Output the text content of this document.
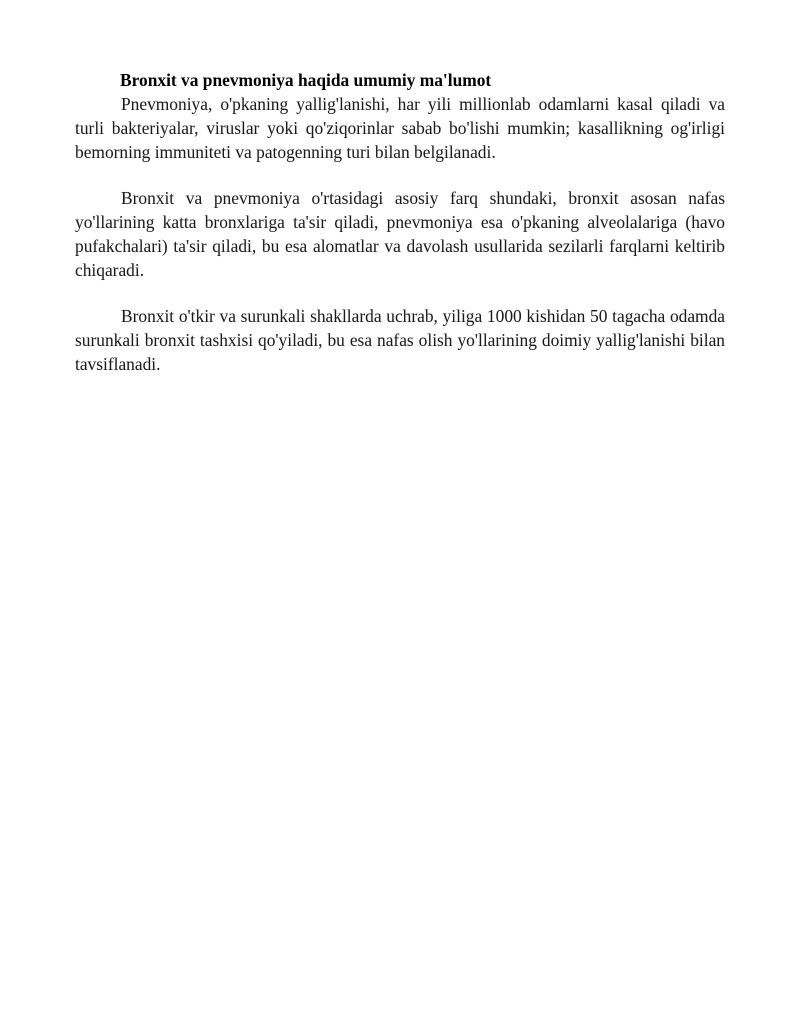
Bronxit va pnevmoniya haqida umumiy ma'lumot

Pnevmoniya, o'pkaning yallig'lanishi, har yili millionlab odamlarni kasal qiladi va turli bakteriyalar, viruslar yoki qo'ziqorinlar sabab bo'lishi mumkin; kasallikning og'irligi bemorning immuniteti va patogenning turi bilan belgilanadi.

Bronxit va pnevmoniya o'rtasidagi asosiy farq shundaki, bronxit asosan nafas yo'llarining katta bronxlariga ta'sir qiladi, pnevmoniya esa o'pkaning alveolalariga (havo pufakchalari) ta'sir qiladi, bu esa alomatlar va davolash usullarida sezilarli farqlarni keltirib chiqaradi.

Bronxit o'tkir va surunkali shakllarda uchrab, yiliga 1000 kishidan 50 tagacha odamda surunkali bronxit tashxisi qo'yiladi, bu esa nafas olish yo'llarining doimiy yallig'lanishi bilan tavsiflanadi.
